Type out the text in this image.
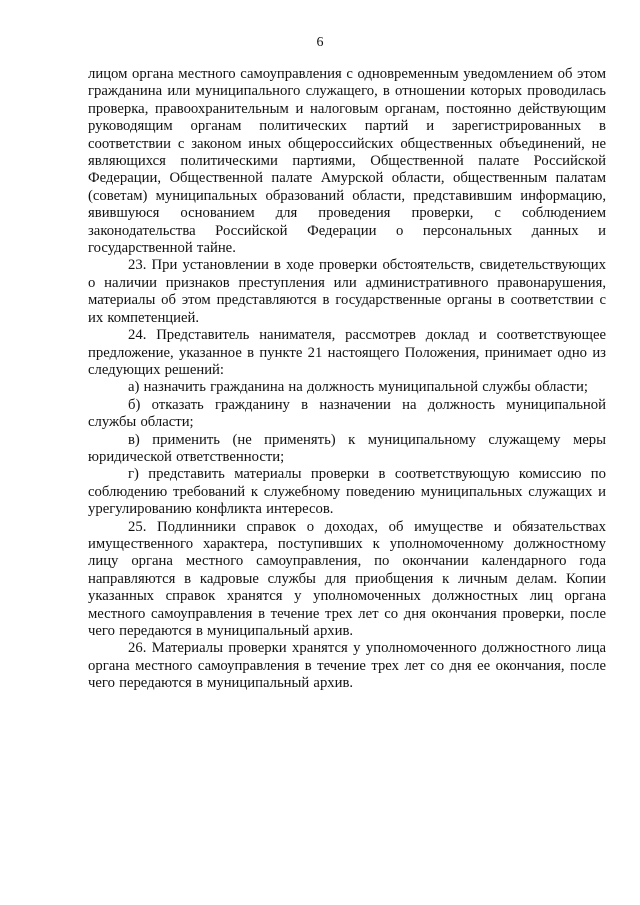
6

лицом органа местного самоуправления с одновременным уведомлением об этом гражданина или муниципального служащего, в отношении которых проводилась проверка, правоохранительным и налоговым органам, постоянно действующим руководящим органам политических партий и зарегистрированных в соответствии с законом иных общероссийских общественных объединений, не являющихся политическими партиями, Общественной палате Российской Федерации, Общественной палате Амурской области, общественным палатам (советам) муниципальных образований области, представившим информацию, явившуюся основанием для проведения проверки, с соблюдением законодательства Российской Федерации о персональных данных и государственной тайне.

23. При установлении в ходе проверки обстоятельств, свидетельствующих о наличии признаков преступления или административного правонарушения, материалы об этом представляются в государственные органы в соответствии с их компетенцией.

24. Представитель нанимателя, рассмотрев доклад и соответствующее предложение, указанное в пункте 21 настоящего Положения, принимает одно из следующих решений:

а) назначить гражданина на должность муниципальной службы области;

б) отказать гражданину в назначении на должность муниципальной службы области;

в) применить (не применять) к муниципальному служащему меры юридической ответственности;

г) представить материалы проверки в соответствующую комиссию по соблюдению требований к служебному поведению муниципальных служащих и урегулированию конфликта интересов.

25. Подлинники справок о доходах, об имуществе и обязательствах имущественного характера, поступивших к уполномоченному должностному лицу органа местного самоуправления, по окончании календарного года направляются в кадровые службы для приобщения к личным делам. Копии указанных справок хранятся у уполномоченных должностных лиц органа местного самоуправления в течение трех лет со дня окончания проверки, после чего передаются в муниципальный архив.

26. Материалы проверки хранятся у уполномоченного должностного лица органа местного самоуправления в течение трех лет со дня ее окончания, после чего передаются в муниципальный архив.
